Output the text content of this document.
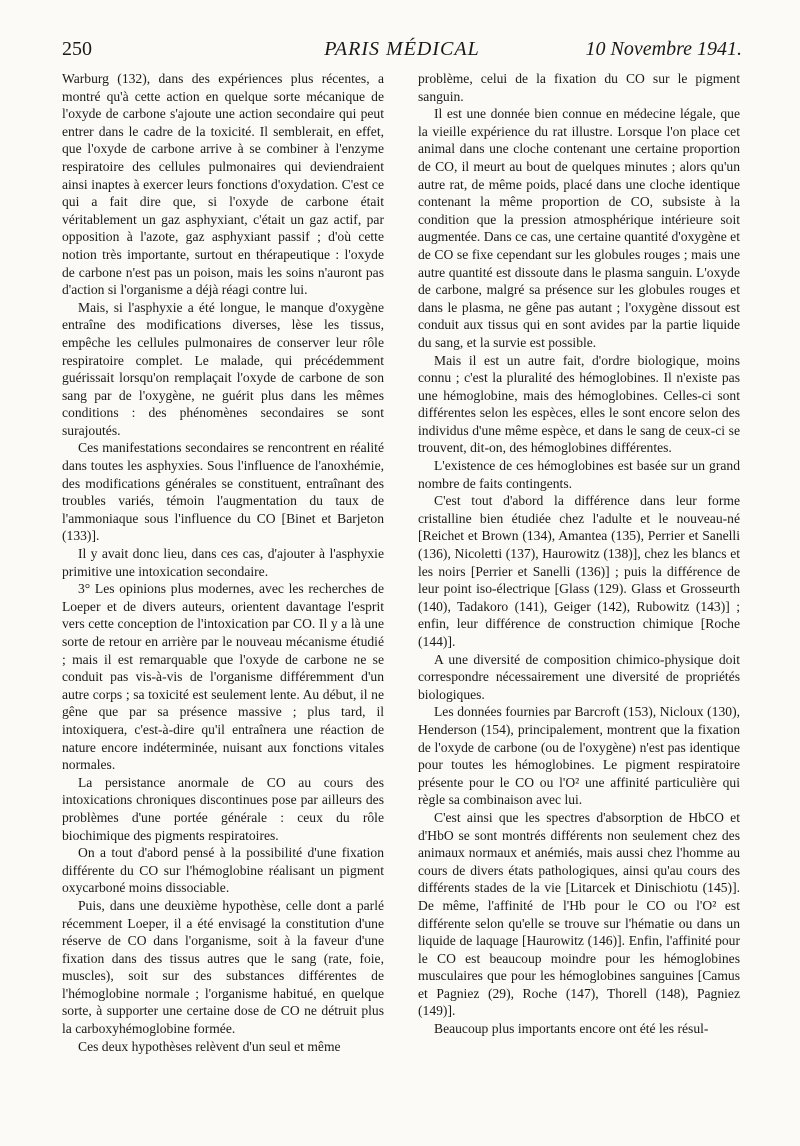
250	PARIS MÉDICAL	10 Novembre 1941.

Warburg (132), dans des expériences plus récentes, a montré qu'à cette action en quelque sorte mécanique de l'oxyde de carbone s'ajoute une action secondaire qui peut entrer dans le cadre de la toxicité. Il semblerait, en effet, que l'oxyde de carbone arrive à se combiner à l'enzyme respiratoire des cellules pulmonaires qui deviendraient ainsi inaptes à exercer leurs fonctions d'oxydation. C'est ce qui a fait dire que, si l'oxyde de carbone était véritablement un gaz asphyxiant, c'était un gaz actif, par opposition à l'azote, gaz asphyxiant passif ; d'où cette notion très importante, surtout en thérapeutique : l'oxyde de carbone n'est pas un poison, mais les soins n'auront pas d'action si l'organisme a déjà réagi contre lui.

Mais, si l'asphyxie a été longue, le manque d'oxygène entraîne des modifications diverses, lèse les tissus, empêche les cellules pulmonaires de conserver leur rôle respiratoire complet. Le malade, qui précédemment guérissait lorsqu'on remplaçait l'oxyde de carbone de son sang par de l'oxygène, ne guérit plus dans les mêmes conditions : des phénomènes secondaires se sont surajoutés.

Ces manifestations secondaires se rencontrent en réalité dans toutes les asphyxies. Sous l'influence de l'anoxhémie, des modifications générales se constituent, entraînant des troubles variés, témoin l'augmentation du taux de l'ammoniaque sous l'influence du CO [Binet et Barjeton (133)].

Il y avait donc lieu, dans ces cas, d'ajouter à l'asphyxie primitive une intoxication secondaire.

3° Les opinions plus modernes, avec les recherches de Loeper et de divers auteurs, orientent davantage l'esprit vers cette conception de l'intoxication par CO. Il y a là une sorte de retour en arrière par le nouveau mécanisme étudié ; mais il est remarquable que l'oxyde de carbone ne se conduit pas vis-à-vis de l'organisme différemment d'un autre corps ; sa toxicité est seulement lente. Au début, il ne gêne que par sa présence massive ; plus tard, il intoxiquera, c'est-à-dire qu'il entraînera une réaction de nature encore indéterminée, nuisant aux fonctions vitales normales.

La persistance anormale de CO au cours des intoxications chroniques discontinues pose par ailleurs des problèmes d'une portée générale : ceux du rôle biochimique des pigments respiratoires.

On a tout d'abord pensé à la possibilité d'une fixation différente du CO sur l'hémoglobine réalisant un pigment oxycarboné moins dissociable.

Puis, dans une deuxième hypothèse, celle dont a parlé récemment Loeper, il a été envisagé la constitution d'une réserve de CO dans l'organisme, soit à la faveur d'une fixation dans des tissus autres que le sang (rate, foie, muscles), soit sur des substances différentes de l'hémoglobine normale ; l'organisme habitué, en quelque sorte, à supporter une certaine dose de CO ne détruit plus la carboxyhémoglobine formée.

Ces deux hypothèses relèvent d'un seul et même

problème, celui de la fixation du CO sur le pigment sanguin.

Il est une donnée bien connue en médecine légale, que la vieille expérience du rat illustre. Lorsque l'on place cet animal dans une cloche contenant une certaine proportion de CO, il meurt au bout de quelques minutes ; alors qu'un autre rat, de même poids, placé dans une cloche identique contenant la même proportion de CO, subsiste à la condition que la pression atmosphérique intérieure soit augmentée. Dans ce cas, une certaine quantité d'oxygène et de CO se fixe cependant sur les globules rouges ; mais une autre quantité est dissoute dans le plasma sanguin. L'oxyde de carbone, malgré sa présence sur les globules rouges et dans le plasma, ne gêne pas autant ; l'oxygène dissout est conduit aux tissus qui en sont avides par la partie liquide du sang, et la survie est possible.

Mais il est un autre fait, d'ordre biologique, moins connu ; c'est la pluralité des hémoglobines. Il n'existe pas une hémoglobine, mais des hémoglobines. Celles-ci sont différentes selon les espèces, elles le sont encore selon des individus d'une même espèce, et dans le sang de ceux-ci se trouvent, dit-on, des hémoglobines différentes.

L'existence de ces hémoglobines est basée sur un grand nombre de faits contingents.

C'est tout d'abord la différence dans leur forme cristalline bien étudiée chez l'adulte et le nouveau-né [Reichet et Brown (134), Amantea (135), Perrier et Sanelli (136), Nicoletti (137), Haurowitz (138)], chez les blancs et les noirs [Perrier et Sanelli (136)] ; puis la différence de leur point iso-électrique [Glass (129). Glass et Grosseurth (140), Tadakoro (141), Geiger (142), Rubowitz (143)] ; enfin, leur différence de construction chimique [Roche (144)].

A une diversité de composition chimico-physique doit correspondre nécessairement une diversité de propriétés biologiques.

Les données fournies par Barcroft (153), Nicloux (130), Henderson (154), principalement, montrent que la fixation de l'oxyde de carbone (ou de l'oxygène) n'est pas identique pour toutes les hémoglobines. Le pigment respiratoire présente pour le CO ou l'O² une affinité particulière qui règle sa combinaison avec lui.

C'est ainsi que les spectres d'absorption de HbCO et d'HbO se sont montrés différents non seulement chez des animaux normaux et anémiés, mais aussi chez l'homme au cours de divers états pathologiques, ainsi qu'au cours des différents stades de la vie [Litarcek et Dinischiotu (145)]. De même, l'affinité de l'Hb pour le CO ou l'O² est différente selon qu'elle se trouve sur l'hématie ou dans un liquide de laquage [Haurowitz (146)]. Enfin, l'affinité pour le CO est beaucoup moindre pour les hémoglobines musculaires que pour les hémoglobines sanguines [Camus et Pagniez (29), Roche (147), Thorell (148), Pagniez (149)].

Beaucoup plus importants encore ont été les résul-
